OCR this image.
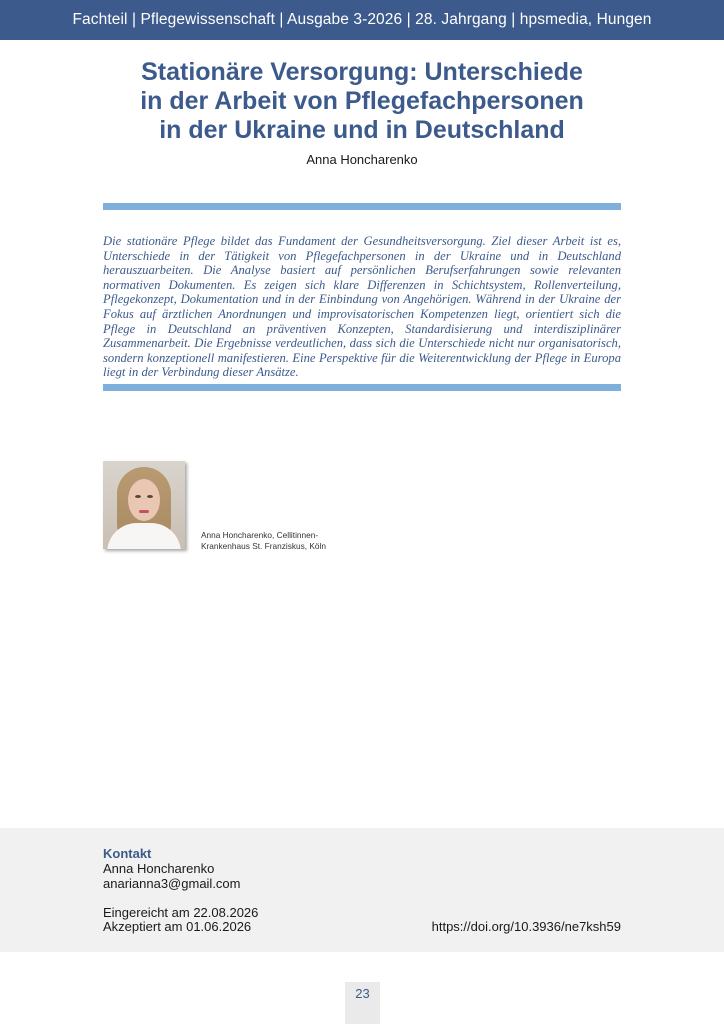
Fachteil | Pflegewissenschaft | Ausgabe 3-2026 | 28. Jahrgang | hpsmedia, Hungen
Stationäre Versorgung: Unterschiede
in der Arbeit von Pflegefachpersonen
in der Ukraine und in Deutschland
Anna Honcharenko

Die stationäre Pflege bildet das Fundament der Gesundheitsversorgung. Ziel dieser Arbeit ist es, Unterschiede in der Tätigkeit von Pflegefachpersonen in der Ukraine und in Deutschland herauszuarbeiten. Die Analyse basiert auf persönlichen Berufserfahrungen sowie relevanten normativen Dokumenten. Es zeigen sich klare Differenzen in Schichtsystem, Rollenverteilung, Pflegekonzept, Dokumentation und in der Einbindung von Angehörigen. Während in der Ukraine der Fokus auf ärztlichen Anordnungen und improvisatorischen Kompetenzen liegt, orientiert sich die Pflege in Deutschland an präventiven Konzepten, Standardisierung und interdisziplinärer Zusammenarbeit. Die Ergebnisse verdeutlichen, dass sich die Unterschiede nicht nur organisatorisch, sondern konzeptionell manifestieren. Eine Perspektive für die Weiterentwicklung der Pflege in Europa liegt in der Verbindung dieser Ansätze.

Anna Honcharenko, Cellitinnen-
Krankenhaus St. Franziskus, Köln
Kontakt
Anna Honcharenko
anarianna3@gmail.com
Eingereicht am 22.08.2026
Akzeptiert am 01.06.2026	https://doi.org/10.3936/ne7ksh59
23
